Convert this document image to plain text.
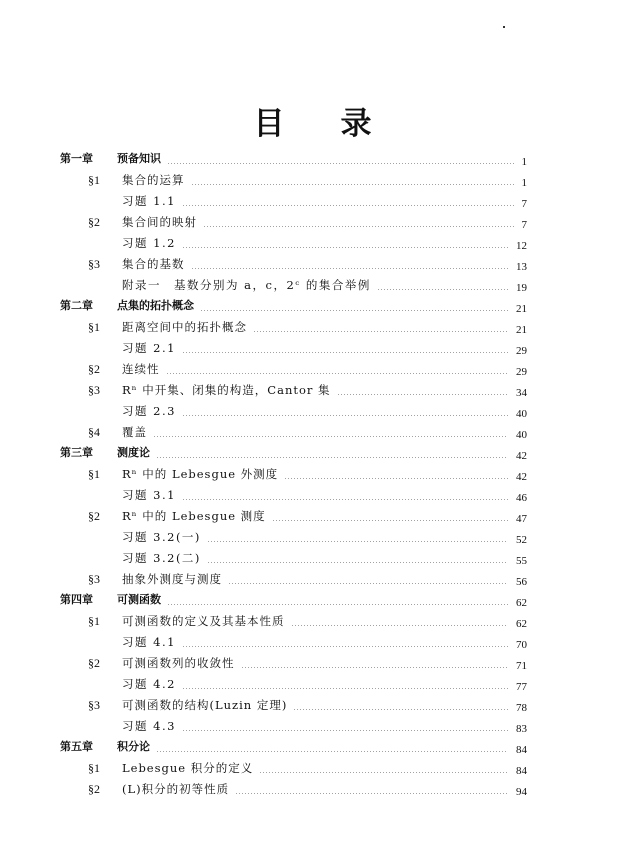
目 录
第一章 预备知识	1
§1 集合的运算	1
习题 1.1	7
§2 集合间的映射	7
习题 1.2	12
§3 集合的基数	13
附录一　基数分别为 a，c，2ᶜ 的集合举例	19
第二章 点集的拓扑概念	21
§1 距离空间中的拓扑概念	21
习题 2.1	29
§2 连续性	29
§3 Rⁿ 中开集、闭集的构造，Cantor 集	34
习题 2.3	40
§4 覆盖	40
第三章 测度论	42
§1 Rⁿ 中的 Lebesgue 外测度	42
习题 3.1	46
§2 Rⁿ 中的 Lebesgue 测度	47
习题 3.2(一)	52
习题 3.2(二)	55
§3 抽象外测度与测度	56
第四章 可测函数	62
§1 可测函数的定义及其基本性质	62
习题 4.1	70
§2 可测函数列的收敛性	71
习题 4.2	77
§3 可测函数的结构(Luzin 定理)	78
习题 4.3	83
第五章 积分论	84
§1 Lebesgue 积分的定义	84
§2 (L)积分的初等性质	94
